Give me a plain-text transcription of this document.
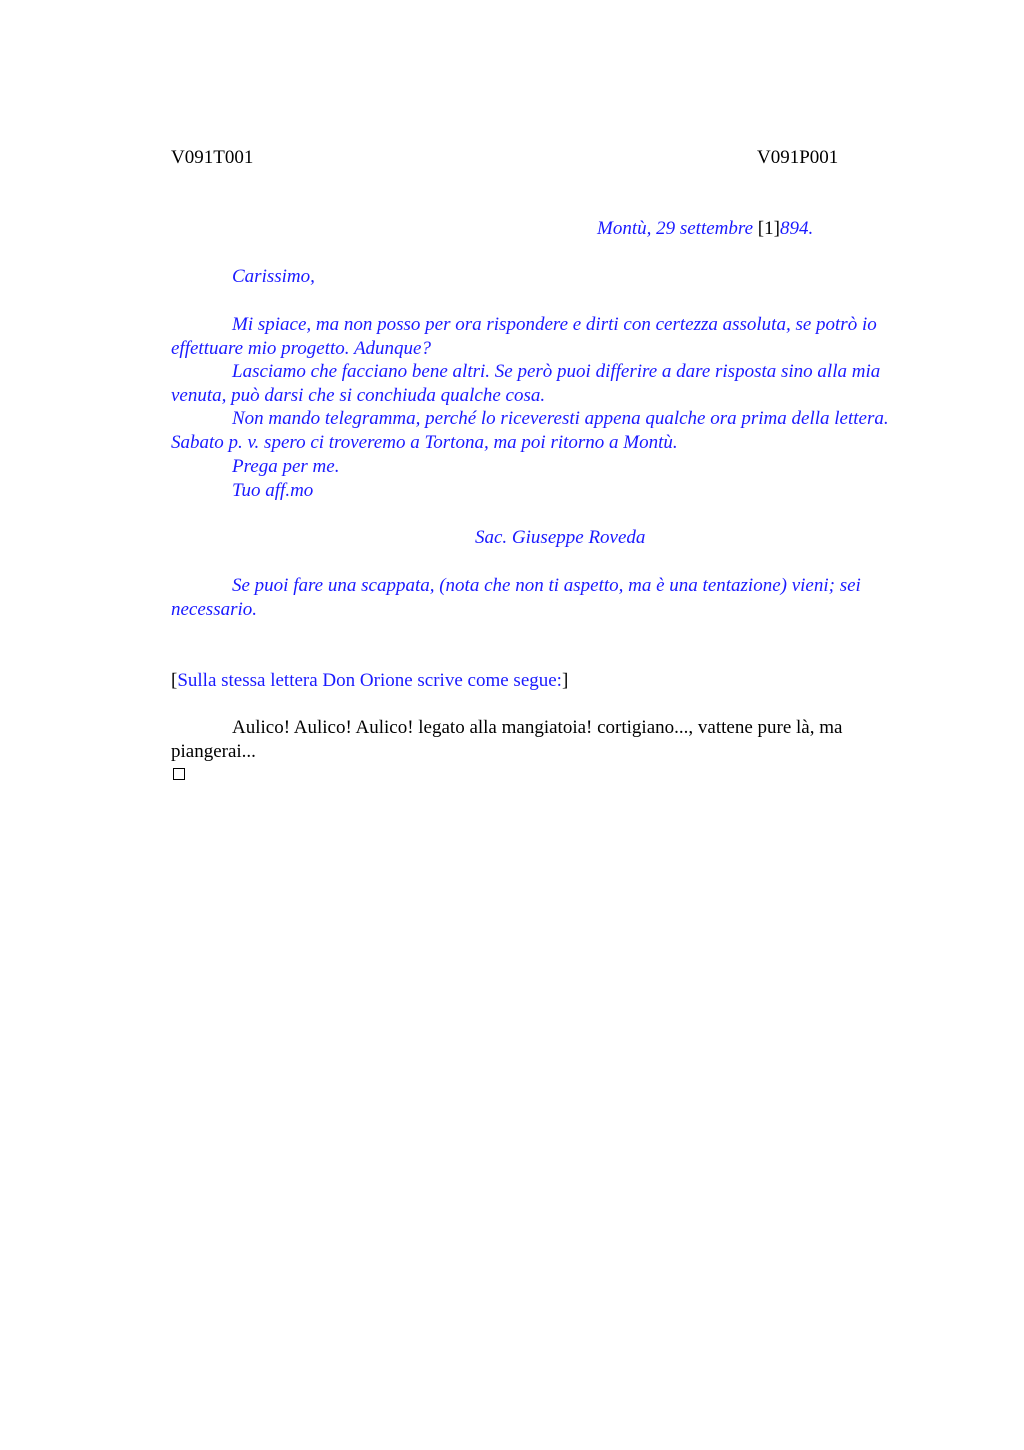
V091T001	V091P001
Montù, 29 settembre [1]894.
Carissimo,
Mi spiace, ma non posso per ora rispondere e dirti con certezza assoluta, se potrò io effettuare mio progetto. Adunque?
Lasciamo che facciano bene altri. Se però puoi differire a dare risposta sino alla mia venuta, può darsi che si conchiuda qualche cosa.
Non mando telegramma, perché lo riceveresti appena qualche ora prima della lettera. Sabato p. v. spero ci troveremo a Tortona, ma poi ritorno a Montù.
Prega per me.
Tuo aff.mo
Sac. Giuseppe Roveda
Se puoi fare una scappata, (nota che non ti aspetto, ma è una tentazione) vieni; sei necessario.
[Sulla stessa lettera Don Orione scrive come segue:]
Aulico! Aulico! Aulico! legato alla mangiatoia! cortigiano..., vattene pure là, ma piangerai...
